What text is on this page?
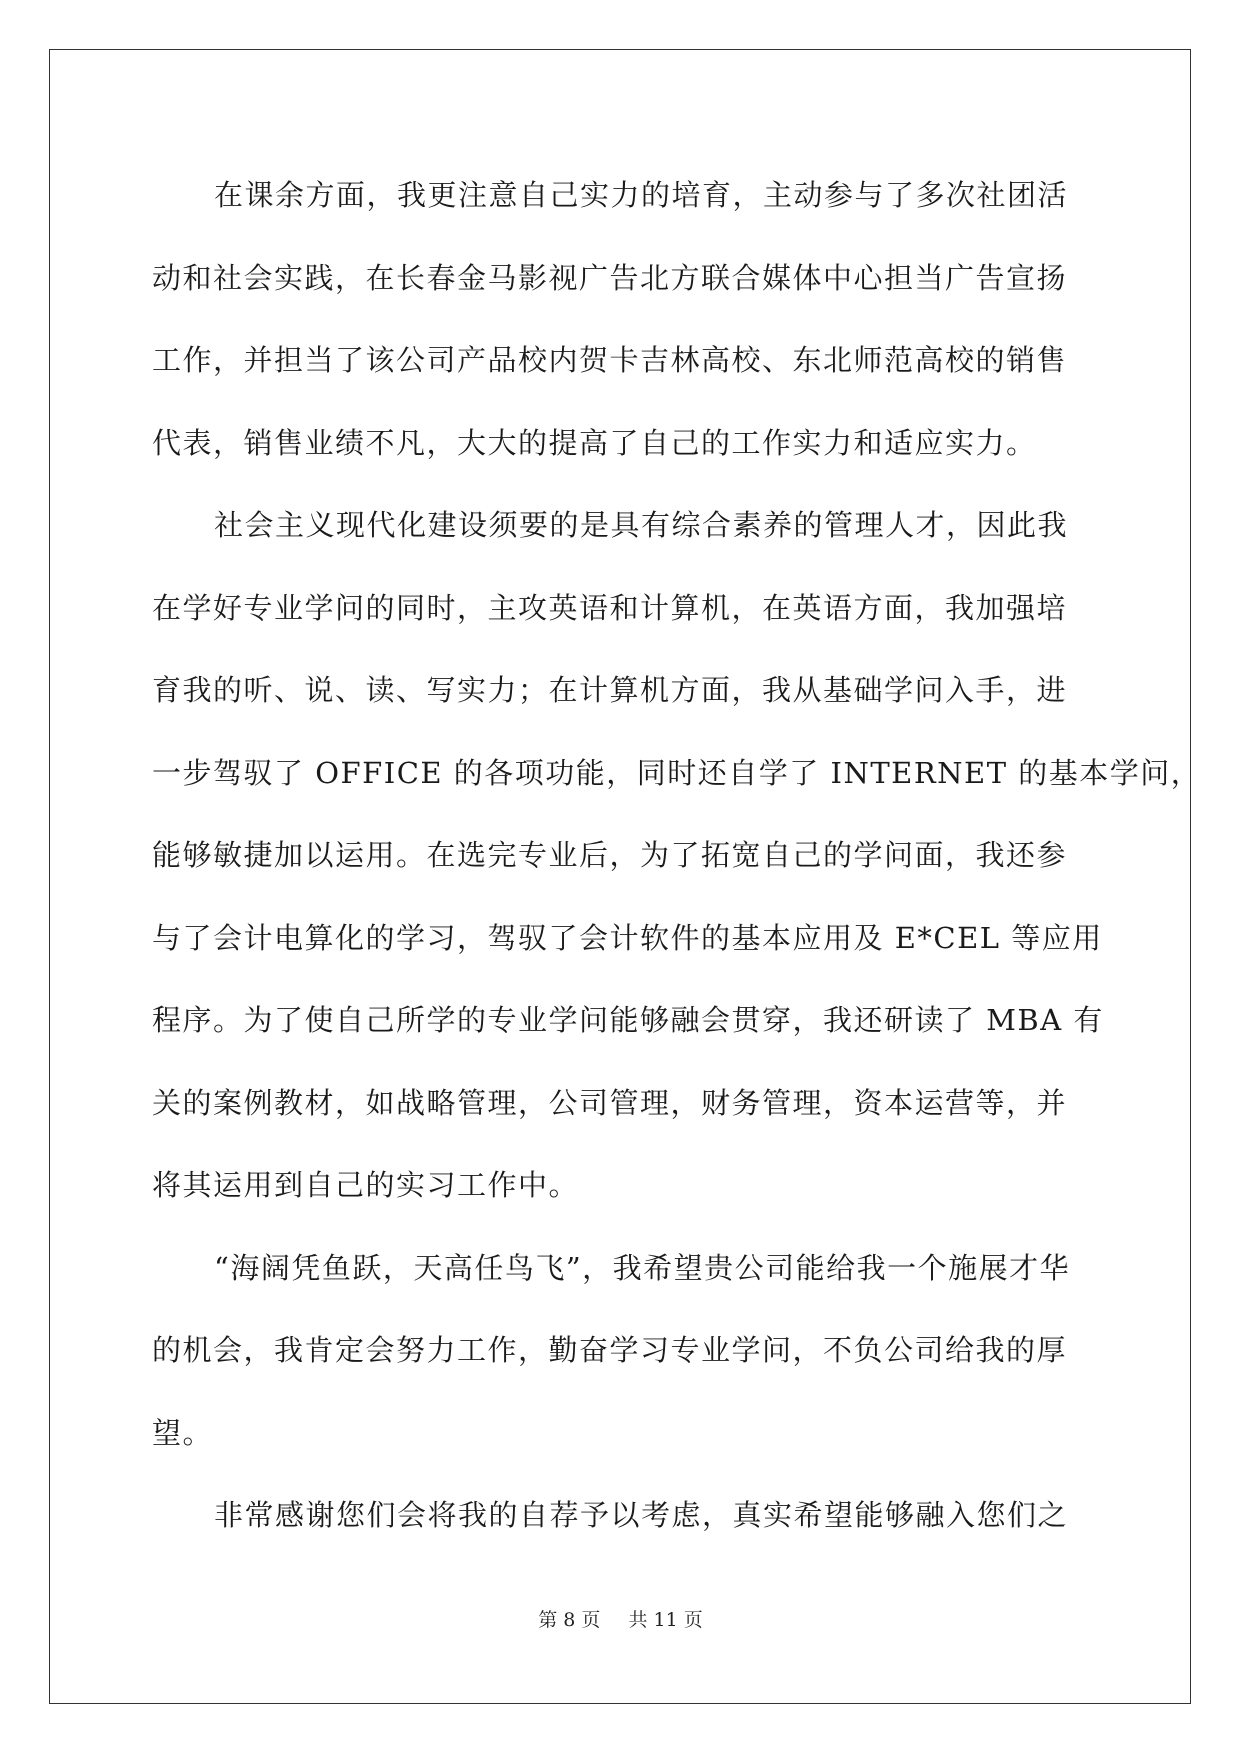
在课余方面，我更注意自己实力的培育，主动参与了多次社团活

动和社会实践，在长春金马影视广告北方联合媒体中心担当广告宣扬

工作，并担当了该公司产品校内贺卡吉林高校、东北师范高校的销售

代表，销售业绩不凡，大大的提高了自己的工作实力和适应实力。

社会主义现代化建设须要的是具有综合素养的管理人才，因此我

在学好专业学问的同时，主攻英语和计算机，在英语方面，我加强培

育我的听、说、读、写实力；在计算机方面，我从基础学问入手，进

一步驾驭了 OFFICE 的各项功能，同时还自学了 INTERNET 的基本学问，

能够敏捷加以运用。在选完专业后，为了拓宽自己的学问面，我还参

与了会计电算化的学习，驾驭了会计软件的基本应用及 E*CEL 等应用

程序。为了使自己所学的专业学问能够融会贯穿，我还研读了 MBA 有

关的案例教材，如战略管理，公司管理，财务管理，资本运营等，并

将其运用到自己的实习工作中。

“海阔凭鱼跃，天高任鸟飞”，我希望贵公司能给我一个施展才华

的机会，我肯定会努力工作，勤奋学习专业学问，不负公司给我的厚

望。

非常感谢您们会将我的自荐予以考虑，真实希望能够融入您们之

第 8 页 共 11 页
